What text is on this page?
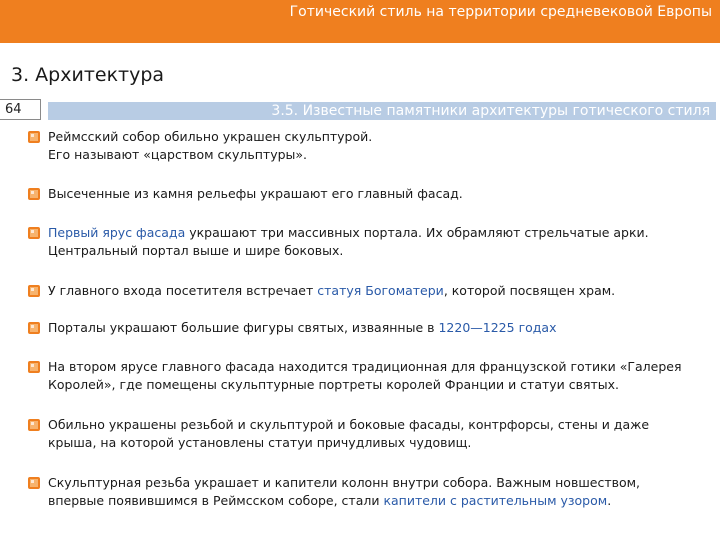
Готический стиль на территории средневековой Европы
3. Архитектура
64	3.5. Известные памятники архитектуры готического стиля
Реймсский собор обильно украшен скульптурой.
Его называют «царством скульптуры».
Высеченные из камня рельефы украшают его главный фасад.
Первый ярус фасада украшают три массивных портала. Их обрамляют стрельчатые арки.
Центральный портал выше и шире боковых.
У главного входа посетителя встречает статуя Богоматери, которой посвящен храм.
Порталы украшают большие фигуры святых, изваянные в 1220—1225 годах
На втором ярусе главного фасада находится традиционная для французской готики «Галерея
Королей», где помещены скульптурные портреты королей Франции и статуи святых.
Обильно украшены резьбой и скульптурой и боковые фасады, контрфорсы, стены и даже
крыша, на которой установлены статуи причудливых чудовищ.
Скульптурная резьба украшает и капители колонн внутри собора. Важным новшеством,
впервые появившимся в Реймсском соборе, стали капители с растительным узором.
